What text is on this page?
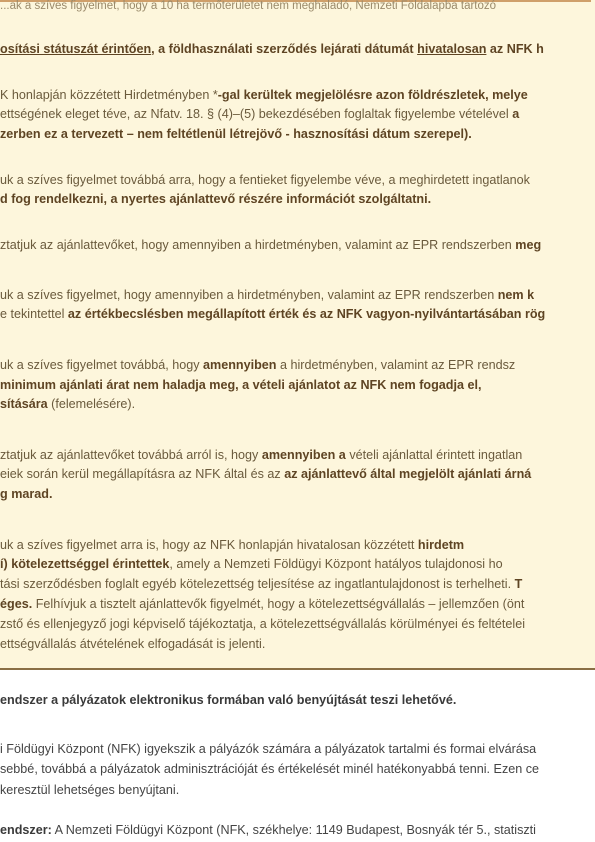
...ak a szíves figyelmet, hogy a 10 ha termőterületet nem meghaladó, Nemzeti Földalapba tartozó
osítási státuszát érintően, a földhasználati szerződés lejárati dátumát hivatalosan az NFK h
K honlapján közzétett Hirdetményben *-gal kerültek megjelölésre azon földrészletek, melye
ettségének eleget téve, az Nfatv. 18. § (4)–(5) bekezdésében foglaltak figyelembe vételével a
zerben ez a tervezett – nem feltétlenül létrejövő - hasznosítási dátum szerepel).
uk a szíves figyelmet továbbá arra, hogy a fentieket figyelembe véve, a meghirdetett ingatlanok
d fog rendelkezni, a nyertes ajánlattevő részére információt szolgáltatni.
ztatjuk az ajánlattevőket, hogy amennyiben a hirdetményben, valamint az EPR rendszerben meg
uk a szíves figyelmet, hogy amennyiben a hirdetményben, valamint az EPR rendszerben nem k
e tekintettel az értékbecslésben megállapított érték és az NFK vagyon-nyilvántartásában rög
uk a szíves figyelmet továbbá, hogy amennyiben a hirdetményben, valamint az EPR rendsz
minimum ajánlati árat nem haladja meg, a vételi ajánlatot az NFK nem fogadja el,
sítására (felemelésére).
ztatjuk az ajánlattevőket továbbá arról is, hogy amennyiben a vételi ajánlattal érintett ingatlan
eiek során kerül megállapításra az NFK által és az az ajánlattevő által megjelölt ajánlati árná
g marad.
uk a szíves figyelmet arra is, hogy az NFK honlapján hivatalosan közzétett hirdetm
í) kötelezettséggel érintettek, amely a Nemzeti Földügyi Központ hatályos tulajdonosi ho
tási szerződésben foglalt egyéb kötelezettség teljesítése az ingatlantulajdonost is terhelheti. T
éges. Felhívjuk a tisztelt ajánlattevők figyelmét, hogy a kötelezettségvállalás – jellemzően (önt
zstő és ellenjegyző jogi képviselő tájékoztatja, a kötelezettségvállalás körülményei és feltételei
ettségvállalás átvételének elfogadását is jelenti.
endszer a pályázatok elektronikus formában való benyújtását teszi lehetővé.
i Földügyi Központ (NFK) igyekszik a pályázók számára a pályázatok tartalmi és formai elvárása
sebbé, továbbá a pályázatok adminisztrációját és értékelését minél hatékonyabbá tenni. Ezen ce
keresztül lehetséges benyújtani.
endszer: A Nemzeti Földügyi Központ (NFK, székhelye: 1149 Budapest, Bosnyák tér 5., statiszti
